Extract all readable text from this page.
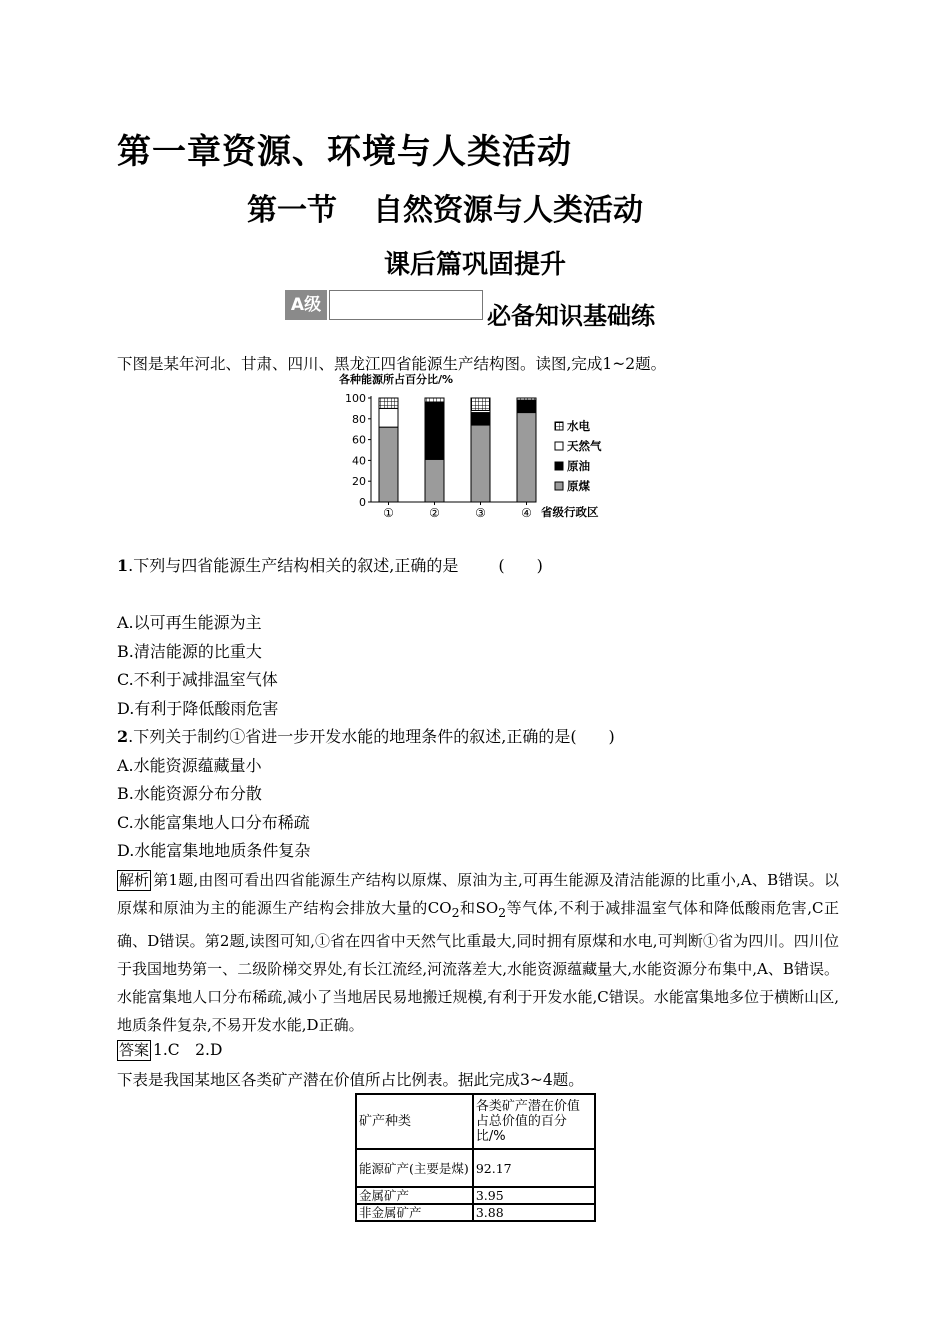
第一章资源、环境与人类活动
第一节 自然资源与人类活动
课后篇巩固提升
A级	必备知识基础练
下图是某年河北、甘肃、四川、黑龙江四省能源生产结构图。读图,完成1~2题。
各种能源所占百分比/%
0
20
40
60
80
100
①	②	③	④
水电
天然气
原油
原煤
省级行政区
1.下列与四省能源生产结构相关的叙述,正确的是	(　　)
A.以可再生能源为主
B.清洁能源的比重大
C.不利于减排温室气体
D.有利于降低酸雨危害
2.下列关于制约①省进一步开发水能的地理条件的叙述,正确的是(　　)
A.水能资源蕴藏量小
B.水能资源分布分散
C.水能富集地人口分布稀疏
D.水能富集地地质条件复杂
解析 第1题,由图可看出四省能源生产结构以原煤、原油为主,可再生能源及清洁能源的比重小,A、B错误。以原煤和原油为主的能源生产结构会排放大量的$CO_2$和$SO_2$等气体,不利于减排温室气体和降低酸雨危害,C正确、D错误。第2题,读图可知,①省在四省中天然气比重最大,同时拥有原煤和水电,可判断①省为四川。四川位于我国地势第一、二级阶梯交界处,有长江流经,河流落差大,水能资源蕴藏量大,水能资源分布集中,A、B错误。水能富集地人口分布稀疏,减小了当地居民易地搬迁规模,有利于开发水能,C错误。水能富集地多位于横断山区,地质条件复杂,不易开发水能,D正确。
答案 1.C　2.D
下表是我国某地区各类矿产潜在价值所占比例表。据此完成3~4题。
矿产种类	各类矿产潜在价值占总价值的百分比/%
能源矿产(主要是煤)	92.17
金属矿产	3.95
非金属矿产	3.88
